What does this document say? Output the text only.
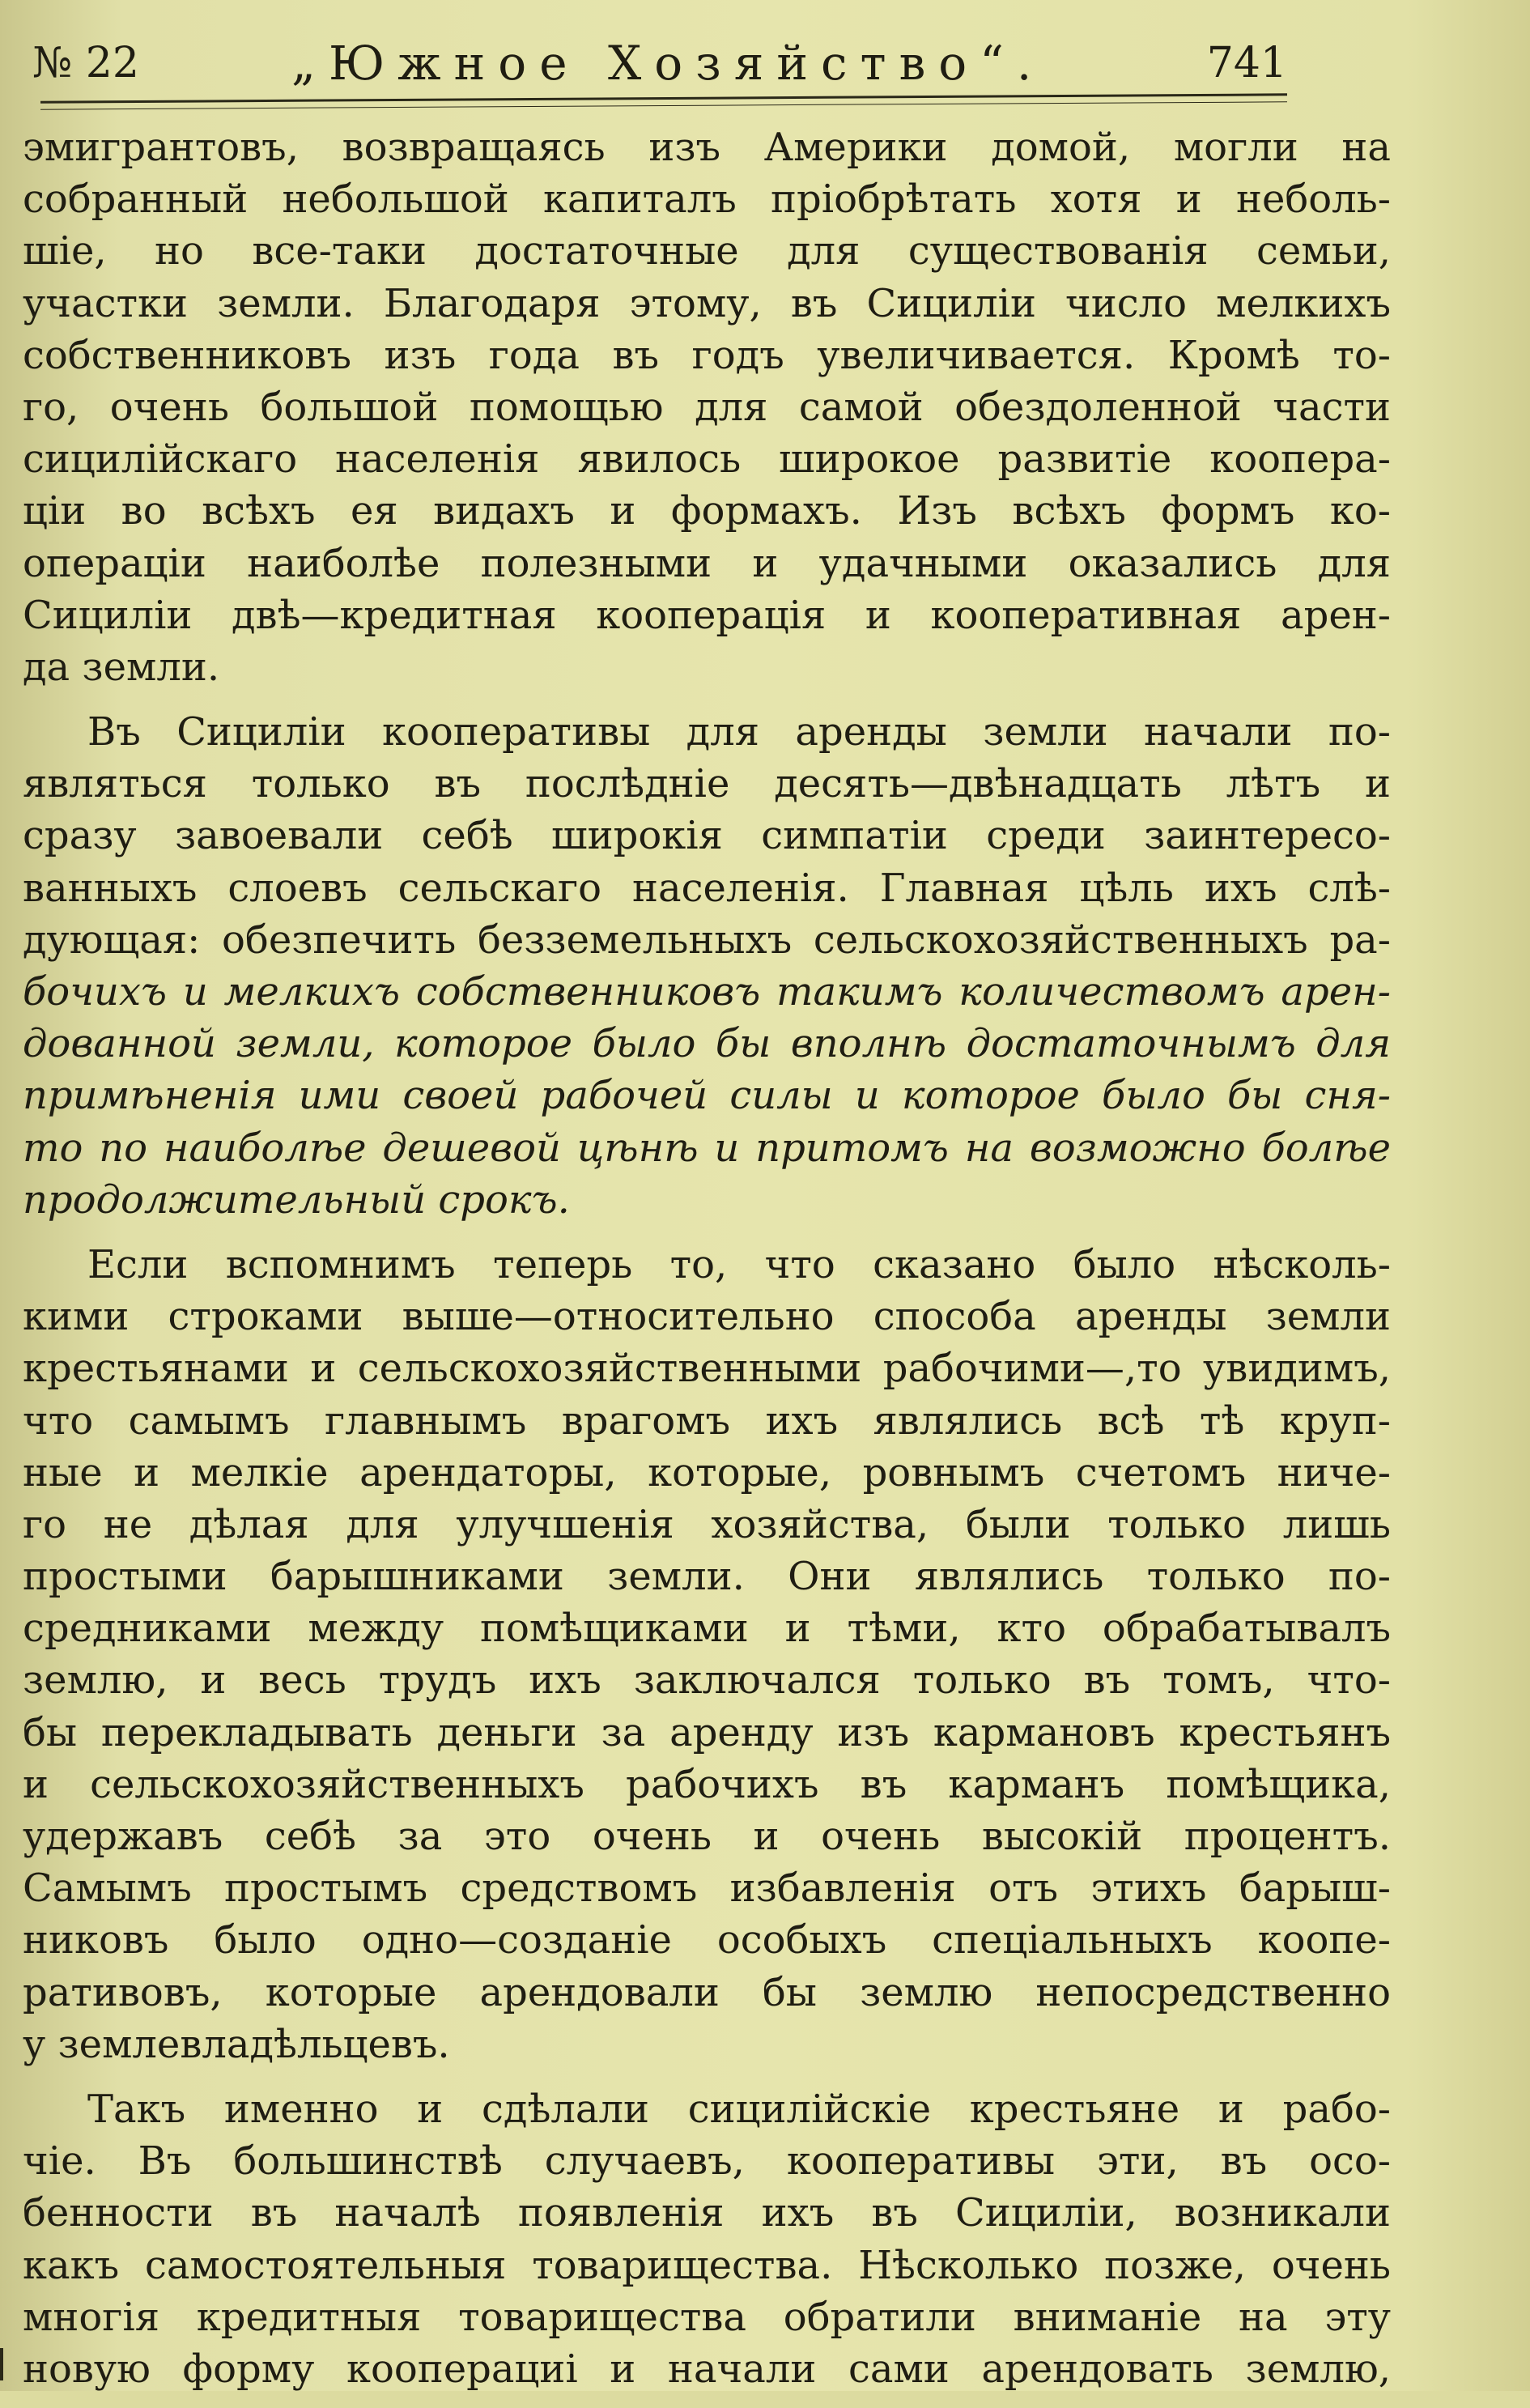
№ 22	„Южное Хозяйство“.	741
эмигрантовъ, возвращаясь изъ Америки домой, могли на
собранный небольшой капиталъ пріобрѣтать хотя и неболь-
шіе, но все-таки достаточные для существованія семьи,
участки земли. Благодаря этому, въ Сициліи число мелкихъ
собственниковъ изъ года въ годъ увеличивается. Кромѣ то-
го, очень большой помощью для самой обездоленной части
сицилійскаго населенія явилось широкое развитіе коопера-
ціи во всѣхъ ея видахъ и формахъ. Изъ всѣхъ формъ ко-
операціи наиболѣе полезными и удачными оказались для
Сициліи двѣ—кредитная кооперація и кооперативная арен-
да земли.
Въ Сициліи кооперативы для аренды земли начали по-
являться только въ послѣдніе десять—двѣнадцать лѣтъ и
сразу завоевали себѣ широкія симпатіи среди заинтересо-
ванныхъ слоевъ сельскаго населенія. Главная цѣль ихъ слѣ-
дующая: обезпечить безземельныхъ сельскохозяйственныхъ ра-
бочихъ и мелкихъ собственниковъ такимъ количествомъ арен-
дованной земли, которое было бы вполнѣ достаточнымъ для
примѣненія ими своей рабочей силы и которое было бы сня-
то по наиболѣе дешевой цѣнѣ и притомъ на возможно болѣе
продолжительный срокъ.
Если вспомнимъ теперь то, что сказано было нѣсколь-
кими строками выше—относительно способа аренды земли
крестьянами и сельскохозяйственными рабочими—,то увидимъ,
что самымъ главнымъ врагомъ ихъ являлись всѣ тѣ круп-
ные и мелкіе арендаторы, которые, ровнымъ счетомъ ниче-
го не дѣлая для улучшенія хозяйства, были только лишь
простыми барышниками земли. Они являлись только по-
средниками между помѣщиками и тѣми, кто обрабатывалъ
землю, и весь трудъ ихъ заключался только въ томъ, что-
бы перекладывать деньги за аренду изъ кармановъ крестьянъ
и сельскохозяйственныхъ рабочихъ въ карманъ помѣщика,
удержавъ себѣ за это очень и очень высокій процентъ.
Самымъ простымъ средствомъ избавленія отъ этихъ барыш-
никовъ было одно—созданіе особыхъ спеціальныхъ коопе-
ративовъ, которые арендовали бы землю непосредственно
у землевладѣльцевъ.
Такъ именно и сдѣлали сицилійскіе крестьяне и рабо-
чіе. Въ большинствѣ случаевъ, кооперативы эти, въ осо-
бенности въ началѣ появленія ихъ въ Сициліи, возникали
какъ самостоятельныя товарищества. Нѣсколько позже, очень
многія кредитныя товарищества обратили вниманіе на эту
новую форму кооперациі и начали сами арендовать землю,
